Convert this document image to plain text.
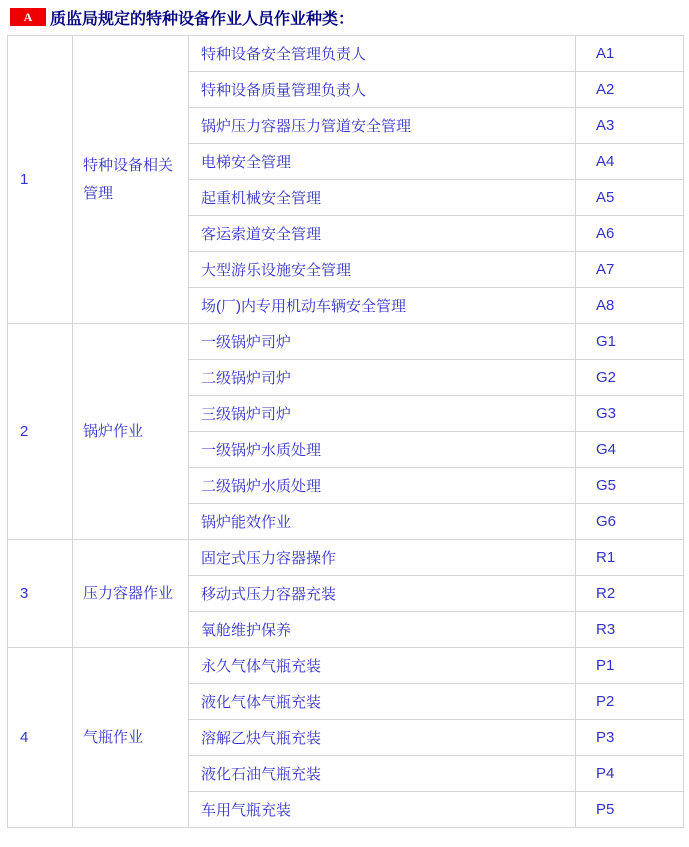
A	质监局规定的特种设备作业人员作业种类：
1	特种设备相关管理	特种设备安全管理负责人	A1
		特种设备质量管理负责人	A2
		锅炉压力容器压力管道安全管理	A3
		电梯安全管理	A4
		起重机械安全管理	A5
		客运索道安全管理	A6
		大型游乐设施安全管理	A7
		场(厂)内专用机动车辆安全管理	A8
2	锅炉作业	一级锅炉司炉	G1
		二级锅炉司炉	G2
		三级锅炉司炉	G3
		一级锅炉水质处理	G4
		二级锅炉水质处理	G5
		锅炉能效作业	G6
3	压力容器作业	固定式压力容器操作	R1
		移动式压力容器充装	R2
		氧舱维护保养	R3
4	气瓶作业	永久气体气瓶充装	P1
		液化气体气瓶充装	P2
		溶解乙炔气瓶充装	P3
		液化石油气瓶充装	P4
		车用气瓶充装	P5
